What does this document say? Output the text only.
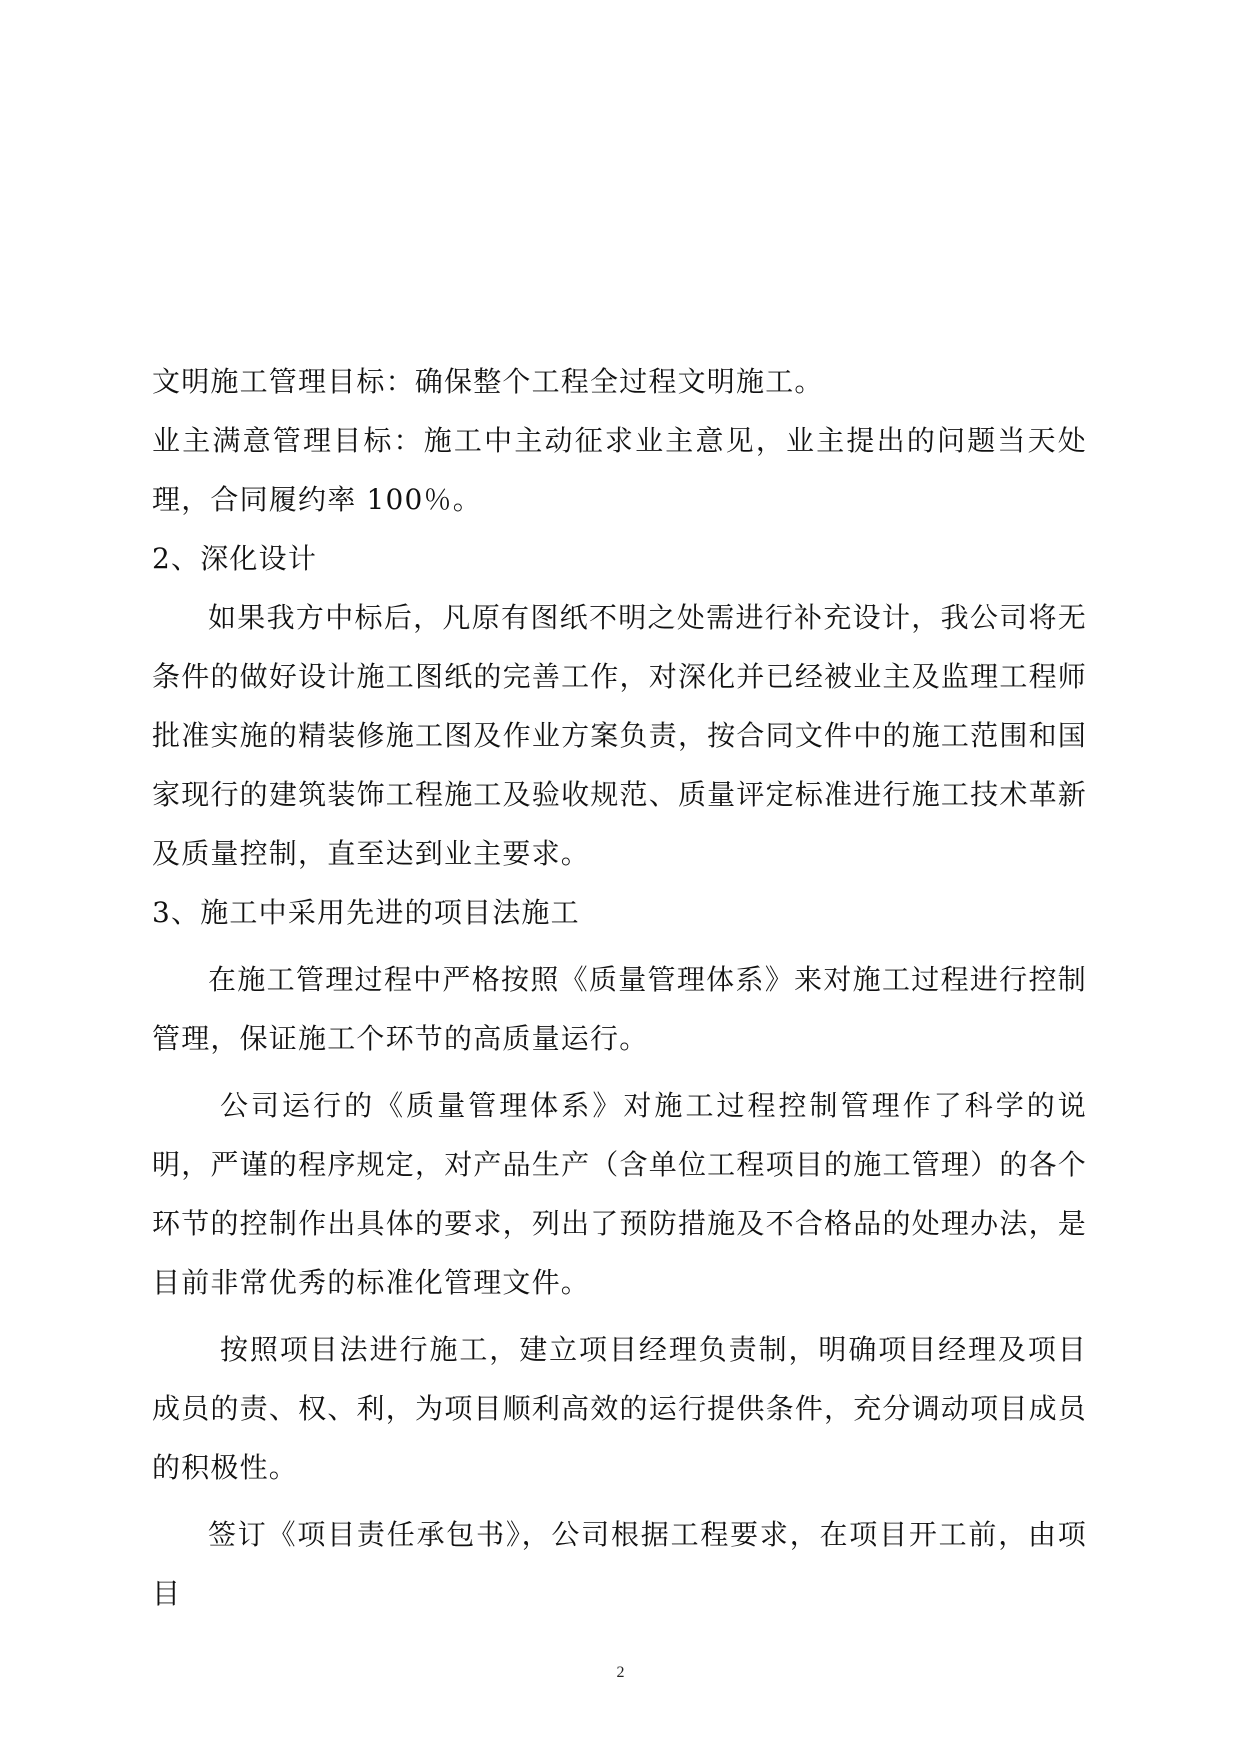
文明施工管理目标：确保整个工程全过程文明施工。

业主满意管理目标：施工中主动征求业主意见，业主提出的问题当天处理，合同履约率 100％。

2、深化设计

如果我方中标后，凡原有图纸不明之处需进行补充设计，我公司将无条件的做好设计施工图纸的完善工作，对深化并已经被业主及监理工程师批准实施的精装修施工图及作业方案负责，按合同文件中的施工范围和国家现行的建筑装饰工程施工及验收规范、质量评定标准进行施工技术革新及质量控制，直至达到业主要求。

3、施工中采用先进的项目法施工

在施工管理过程中严格按照《质量管理体系》来对施工过程进行控制管理，保证施工个环节的高质量运行。

公司运行的《质量管理体系》对施工过程控制管理作了科学的说明，严谨的程序规定，对产品生产（含单位工程项目的施工管理）的各个环节的控制作出具体的要求，列出了预防措施及不合格品的处理办法，是目前非常优秀的标准化管理文件。

按照项目法进行施工，建立项目经理负责制，明确项目经理及项目成员的责、权、利，为项目顺利高效的运行提供条件，充分调动项目成员的积极性。

签订《项目责任承包书》，公司根据工程要求，在项目开工前，由项目

2
